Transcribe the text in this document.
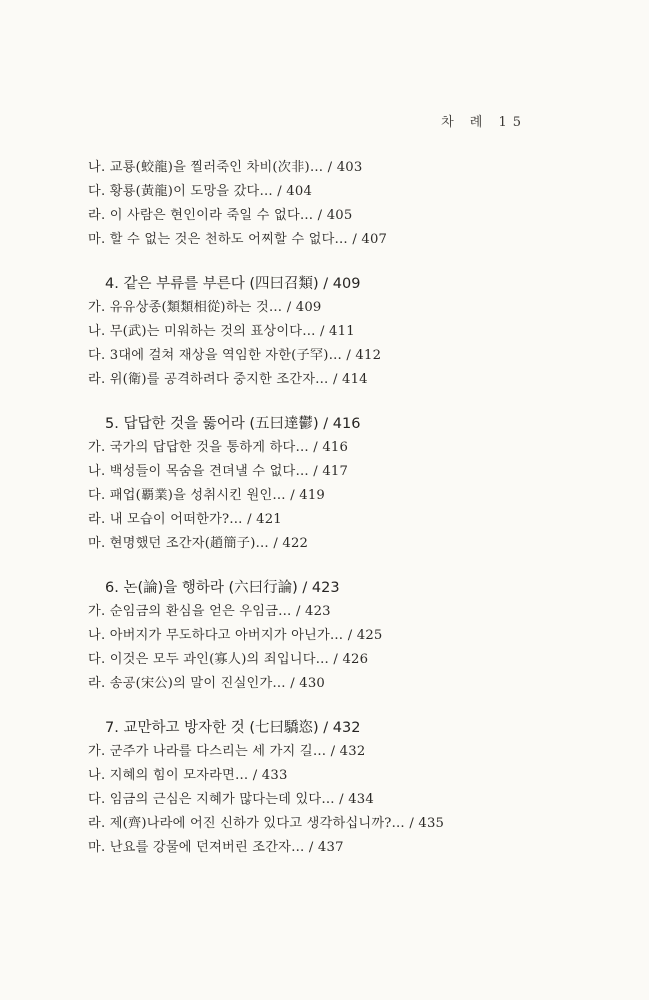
차 례 15
나. 교룡(蛟龍)을 찔러죽인 차비(次非)… / 403
다. 황룡(黃龍)이 도망을 갔다… / 404
라. 이 사람은 현인이라 죽일 수 없다… / 405
마. 할 수 없는 것은 천하도 어찌할 수 없다… / 407
4. 같은 부류를 부른다 (四曰召類) / 409
가. 유유상종(類類相從)하는 것… / 409
나. 무(武)는 미워하는 것의 표상이다… / 411
다. 3대에 걸쳐 재상을 역임한 자한(子罕)… / 412
라. 위(衛)를 공격하려다 중지한 조간자… / 414
5. 답답한 것을 뚫어라 (五曰達鬱) / 416
가. 국가의 답답한 것을 통하게 하다… / 416
나. 백성들이 목숨을 견뎌낼 수 없다… / 417
다. 패업(覇業)을 성취시킨 원인… / 419
라. 내 모습이 어떠한가?… / 421
마. 현명했던 조간자(趙簡子)… / 422
6. 논(論)을 행하라 (六曰行論) / 423
가. 순임금의 환심을 얻은 우임금… / 423
나. 아버지가 무도하다고 아버지가 아닌가… / 425
다. 이것은 모두 과인(寡人)의 죄입니다… / 426
라. 송공(宋公)의 말이 진실인가… / 430
7. 교만하고 방자한 것 (七曰驕恣) / 432
가. 군주가 나라를 다스리는 세 가지 길… / 432
나. 지혜의 힘이 모자라면… / 433
다. 임금의 근심은 지혜가 많다는데 있다… / 434
라. 제(齊)나라에 어진 신하가 있다고 생각하십니까?… / 435
마. 난요를 강물에 던져버린 조간자… / 437
